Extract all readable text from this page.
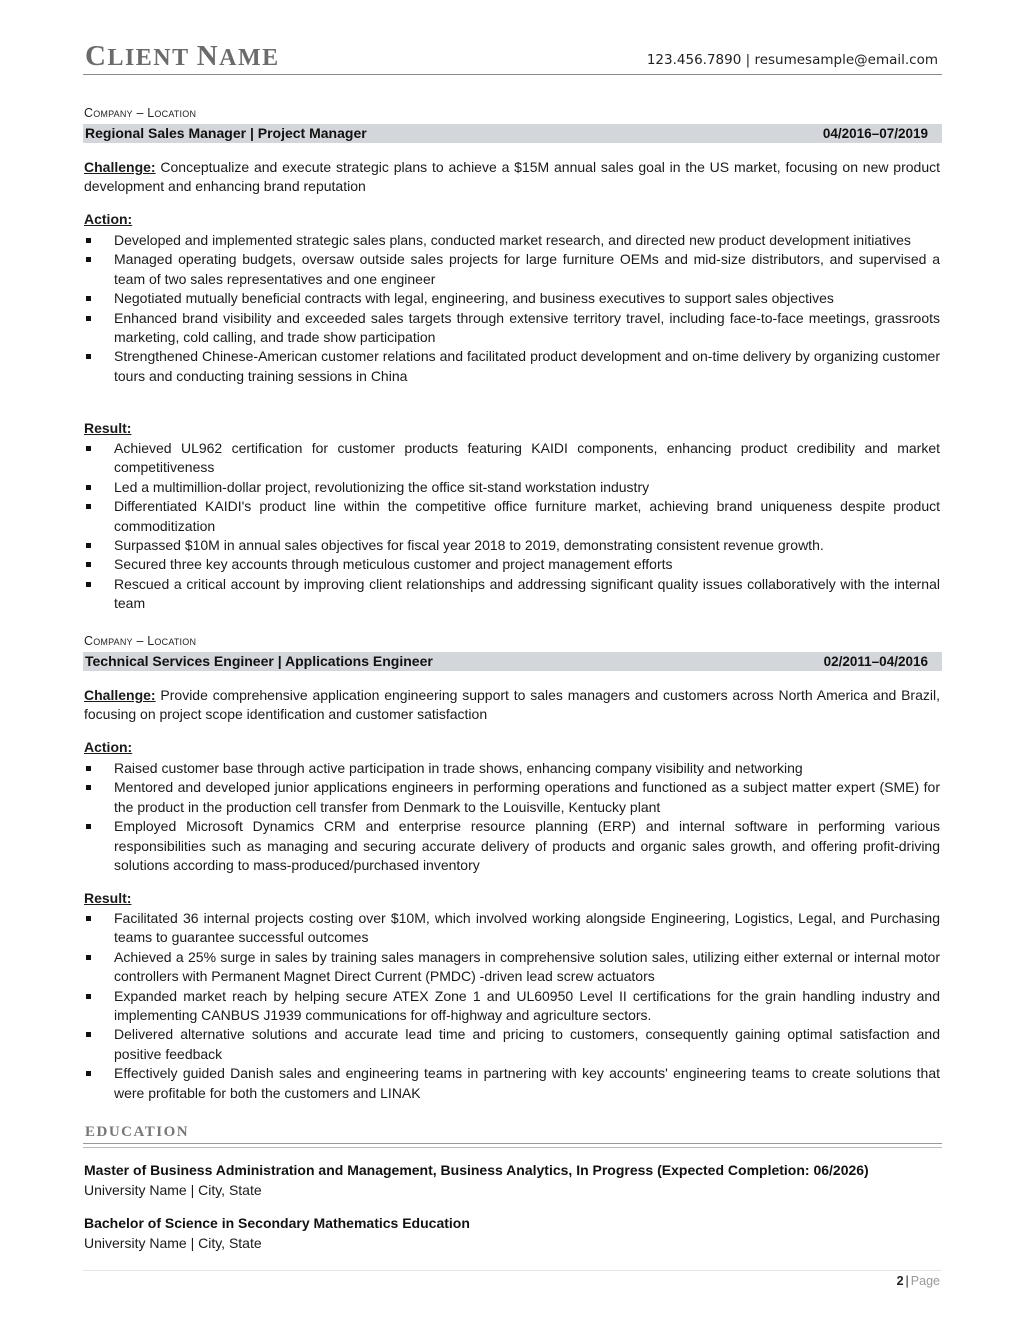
CLIENT NAME	123.456.7890 | resumesample@email.com
Company – Location
Regional Sales Manager | Project Manager	04/2016–07/2019
Challenge: Conceptualize and execute strategic plans to achieve a $15M annual sales goal in the US market, focusing on new product development and enhancing brand reputation
Action:
Developed and implemented strategic sales plans, conducted market research, and directed new product development initiatives
Managed operating budgets, oversaw outside sales projects for large furniture OEMs and mid-size distributors, and supervised a team of two sales representatives and one engineer
Negotiated mutually beneficial contracts with legal, engineering, and business executives to support sales objectives
Enhanced brand visibility and exceeded sales targets through extensive territory travel, including face-to-face meetings, grassroots marketing, cold calling, and trade show participation
Strengthened Chinese-American customer relations and facilitated product development and on-time delivery by organizing customer tours and conducting training sessions in China
Result:
Achieved UL962 certification for customer products featuring KAIDI components, enhancing product credibility and market competitiveness
Led a multimillion-dollar project, revolutionizing the office sit-stand workstation industry
Differentiated KAIDI's product line within the competitive office furniture market, achieving brand uniqueness despite product commoditization
Surpassed $10M in annual sales objectives for fiscal year 2018 to 2019, demonstrating consistent revenue growth.
Secured three key accounts through meticulous customer and project management efforts
Rescued a critical account by improving client relationships and addressing significant quality issues collaboratively with the internal team
Company – Location
Technical Services Engineer | Applications Engineer	02/2011–04/2016
Challenge: Provide comprehensive application engineering support to sales managers and customers across North America and Brazil, focusing on project scope identification and customer satisfaction
Action:
Raised customer base through active participation in trade shows, enhancing company visibility and networking
Mentored and developed junior applications engineers in performing operations and functioned as a subject matter expert (SME) for the product in the production cell transfer from Denmark to the Louisville, Kentucky plant
Employed Microsoft Dynamics CRM and enterprise resource planning (ERP) and internal software in performing various responsibilities such as managing and securing accurate delivery of products and organic sales growth, and offering profit-driving solutions according to mass-produced/purchased inventory
Result:
Facilitated 36 internal projects costing over $10M, which involved working alongside Engineering, Logistics, Legal, and Purchasing teams to guarantee successful outcomes
Achieved a 25% surge in sales by training sales managers in comprehensive solution sales, utilizing either external or internal motor controllers with Permanent Magnet Direct Current (PMDC) -driven lead screw actuators
Expanded market reach by helping secure ATEX Zone 1 and UL60950 Level II certifications for the grain handling industry and implementing CANBUS J1939 communications for off-highway and agriculture sectors.
Delivered alternative solutions and accurate lead time and pricing to customers, consequently gaining optimal satisfaction and positive feedback
Effectively guided Danish sales and engineering teams in partnering with key accounts' engineering teams to create solutions that were profitable for both the customers and LINAK
EDUCATION
Master of Business Administration and Management, Business Analytics, In Progress (Expected Completion: 06/2026)
University Name | City, State
Bachelor of Science in Secondary Mathematics Education
University Name | City, State
2 | Page
